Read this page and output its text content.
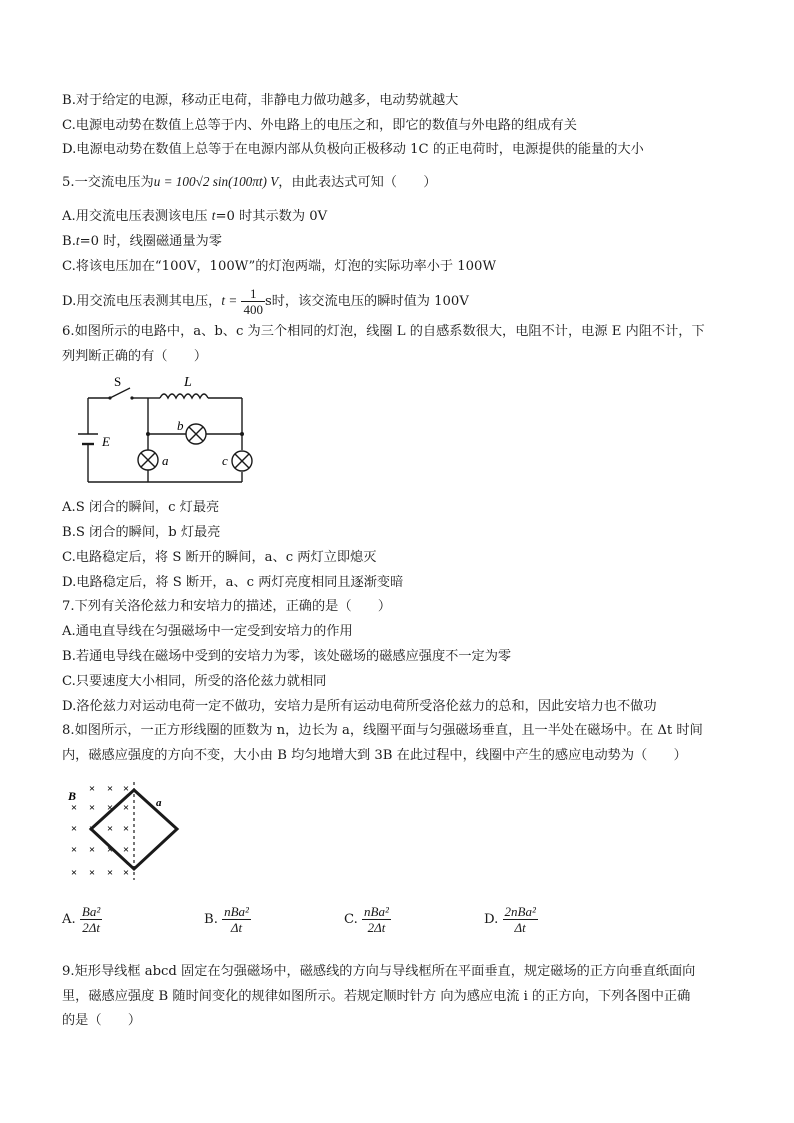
B.对于给定的电源，移动正电荷，非静电力做功越多，电动势就越大
C.电源电动势在数值上总等于内、外电路上的电压之和，即它的数值与外电路的组成有关
D.电源电动势在数值上总等于在电源内部从负极向正极移动 1C 的正电荷时，电源提供的能量的大小
5.一交流电压为u = 100√2 sin(100πt) V，由此表达式可知（　　）
A.用交流电压表测该电压 t=0 时其示数为 0V
B.t=0 时，线圈磁通量为零
C.将该电压加在“100V，100W”的灯泡两端，灯泡的实际功率小于 100W
D.用交流电压表测其电压，$t = \frac{1}{400}$ s时，该交流电压的瞬时值为 100V
6.如图所示的电路中，a、b、c 为三个相同的灯泡，线圈 L 的自感系数很大，电阻不计，电源 E 内阻不计，下
列判断正确的有（　　）
S	L
E
b
a	c
A.S 闭合的瞬间，c 灯最亮
B.S 闭合的瞬间，b 灯最亮
C.电路稳定后，将 S 断开的瞬间，a、c 两灯立即熄灭
D.电路稳定后，将 S 断开，a、c 两灯亮度相同且逐渐变暗
7.下列有关洛伦兹力和安培力的描述，正确的是（　　）
A.通电直导线在匀强磁场中一定受到安培力的作用
B.若通电导线在磁场中受到的安培力为零，该处磁场的磁感应强度不一定为零
C.只要速度大小相同，所受的洛伦兹力就相同
D.洛伦兹力对运动电荷一定不做功，安培力是所有运动电荷所受洛伦兹力的总和，因此安培力也不做功
8.如图所示，一正方形线圈的匝数为 n，边长为 a，线圈平面与匀强磁场垂直，且一半处在磁场中。在 Δt 时间
内，磁感应强度的方向不变，大小由 B 均匀地增大到 3B 在此过程中，线圈中产生的感应电动势为（　　）
× × ×
× × × ×
× × × ×
× × × ×
× × × ×
B	a
A. $\frac{\text{Ba²}}{2\Delta t}$	B. $\frac{\text{nBa²}}{\Delta t}$	C. $\frac{\text{nBa²}}{2\Delta t}$	D. $\frac{\text{2nBa²}}{\Delta t}$
9.矩形导线框 abcd 固定在匀强磁场中，磁感线的方向与导线框所在平面垂直，规定磁场的正方向垂直纸面向
里，磁感应强度 B 随时间变化的规律如图所示。若规定顺时针方 向为感应电流 i 的正方向，下列各图中正确
的是（　　）
